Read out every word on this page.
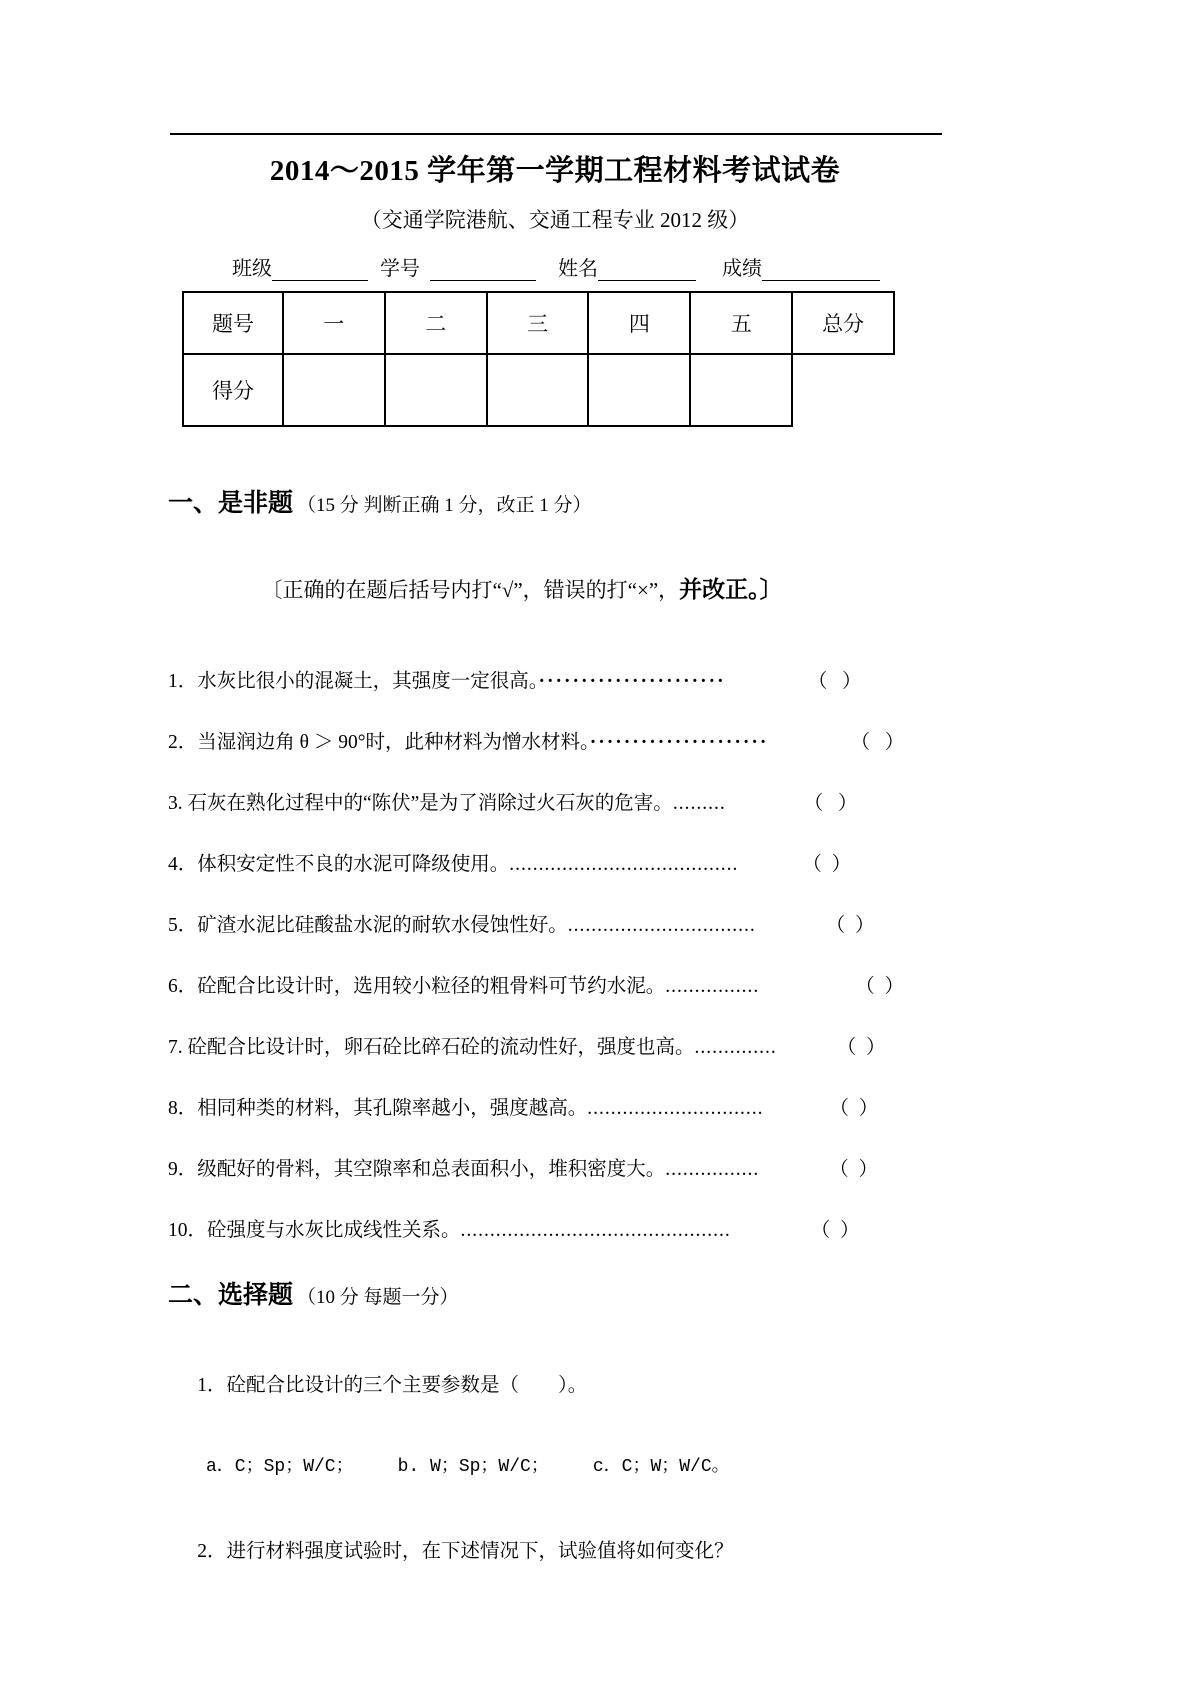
2014～2015 学年第一学期工程材料考试试卷
（交通学院港航、交通工程专业 2012 级）
班级	学号	姓名	成绩
题号	一	二	三	四	五	总分
得分						
一、是非题 （15 分 判断正确 1 分，改正 1 分）

〔正确的在题后括号内打“√”，错误的打“×”，并改正。〕

1．水灰比很小的混凝土，其强度一定很高。······················	（   ）
2．当湿润边角 θ ＞ 90°时，此种材料为憎水材料。·····················	（   ）
3. 石灰在熟化过程中的“陈伏”是为了消除过火石灰的危害。.........	（   ）
4．体积安定性不良的水泥可降级使用。.......................................	（  ）
5．矿渣水泥比硅酸盐水泥的耐软水侵蚀性好。................................	（  ）
6．砼配合比设计时，选用较小粒径的粗骨料可节约水泥。................	（  ）
7. 砼配合比设计时，卵石砼比碎石砼的流动性好，强度也高。..............	（  ）
8．相同种类的材料，其孔隙率越小，强度越高。..............................	（  ）
9．级配好的骨料，其空隙率和总表面积小，堆积密度大。................	（  ）
10．砼强度与水灰比成线性关系。..............................................	（  ）
二、选择题 （10 分 每题一分）

1．砼配合比设计的三个主要参数是（　　）。

a．C；Sp；W/C； b. W；Sp；W/C； c．C；W；W/C。

2．进行材料强度试验时，在下述情况下，试验值将如何变化？
